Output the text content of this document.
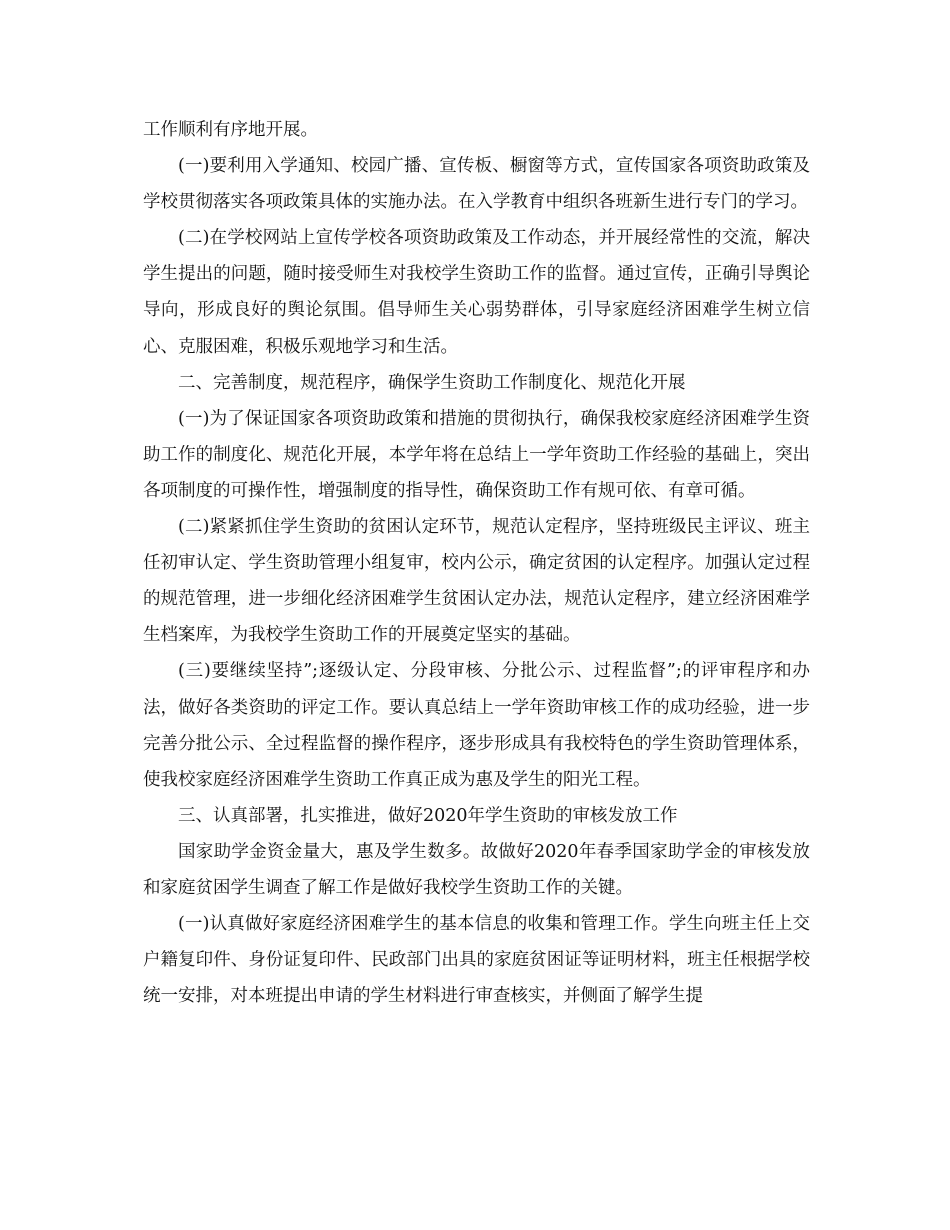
工作顺利有序地开展。

(一)要利用入学通知、校园广播、宣传板、橱窗等方式，宣传国家各项资助政策及学校贯彻落实各项政策具体的实施办法。在入学教育中组织各班新生进行专门的学习。

(二)在学校网站上宣传学校各项资助政策及工作动态，并开展经常性的交流，解决学生提出的问题，随时接受师生对我校学生资助工作的监督。通过宣传，正确引导舆论导向，形成良好的舆论氛围。倡导师生关心弱势群体，引导家庭经济困难学生树立信心、克服困难，积极乐观地学习和生活。

二、完善制度，规范程序，确保学生资助工作制度化、规范化开展

(一)为了保证国家各项资助政策和措施的贯彻执行，确保我校家庭经济困难学生资助工作的制度化、规范化开展，本学年将在总结上一学年资助工作经验的基础上，突出各项制度的可操作性，增强制度的指导性，确保资助工作有规可依、有章可循。

(二)紧紧抓住学生资助的贫困认定环节，规范认定程序，坚持班级民主评议、班主任初审认定、学生资助管理小组复审，校内公示，确定贫困的认定程序。加强认定过程的规范管理，进一步细化经济困难学生贫困认定办法，规范认定程序，建立经济困难学生档案库，为我校学生资助工作的开展奠定坚实的基础。

(三)要继续坚持”;逐级认定、分段审核、分批公示、过程监督”;的评审程序和办法，做好各类资助的评定工作。要认真总结上一学年资助审核工作的成功经验，进一步完善分批公示、全过程监督的操作程序，逐步形成具有我校特色的学生资助管理体系，使我校家庭经济困难学生资助工作真正成为惠及学生的阳光工程。

三、认真部署，扎实推进，做好2020年学生资助的审核发放工作

国家助学金资金量大，惠及学生数多。故做好2020年春季国家助学金的审核发放和家庭贫困学生调查了解工作是做好我校学生资助工作的关键。

(一)认真做好家庭经济困难学生的基本信息的收集和管理工作。学生向班主任上交户籍复印件、身份证复印件、民政部门出具的家庭贫困证等证明材料，班主任根据学校统一安排，对本班提出申请的学生材料进行审查核实，并侧面了解学生提
